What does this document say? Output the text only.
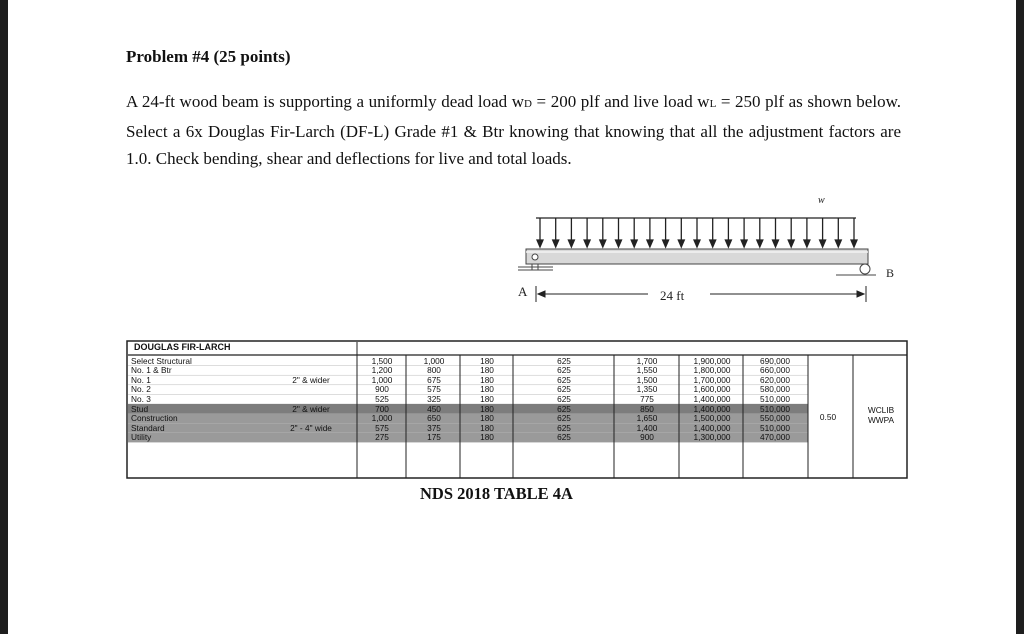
Problem #4 (25 points)
A 24-ft wood beam is supporting a uniformly dead load wD = 200 plf and live load wL = 250 plf as shown below. Select a 6x Douglas Fir-Larch (DF-L) Grade #1 & Btr knowing that knowing that all the adjustment factors are 1.0. Check bending, shear and deflections for live and total loads.
w
A
B
24 ft
DOUGLAS FIR-LARCH
Select Structural	1,500	1,000	180	625	1,700	1,900,000	690,000
No. 1 & Btr	1,200	800	180	625	1,550	1,800,000	660,000
No. 1	2" & wider	1,000	675	180	625	1,500	1,700,000	620,000
No. 2	900	575	180	625	1,350	1,600,000	580,000
No. 3	525	325	180	625	775	1,400,000	510,000
Stud	2" & wider	700	450	180	625	850	1,400,000	510,000
Construction	1,000	650	180	625	1,650	1,500,000	550,000
Standard	2" - 4" wide	575	375	180	625	1,400	1,400,000	510,000
Utility	275	175	180	625	900	1,300,000	470,000
0.50
WCLIB
WWPA
NDS 2018 TABLE 4A
